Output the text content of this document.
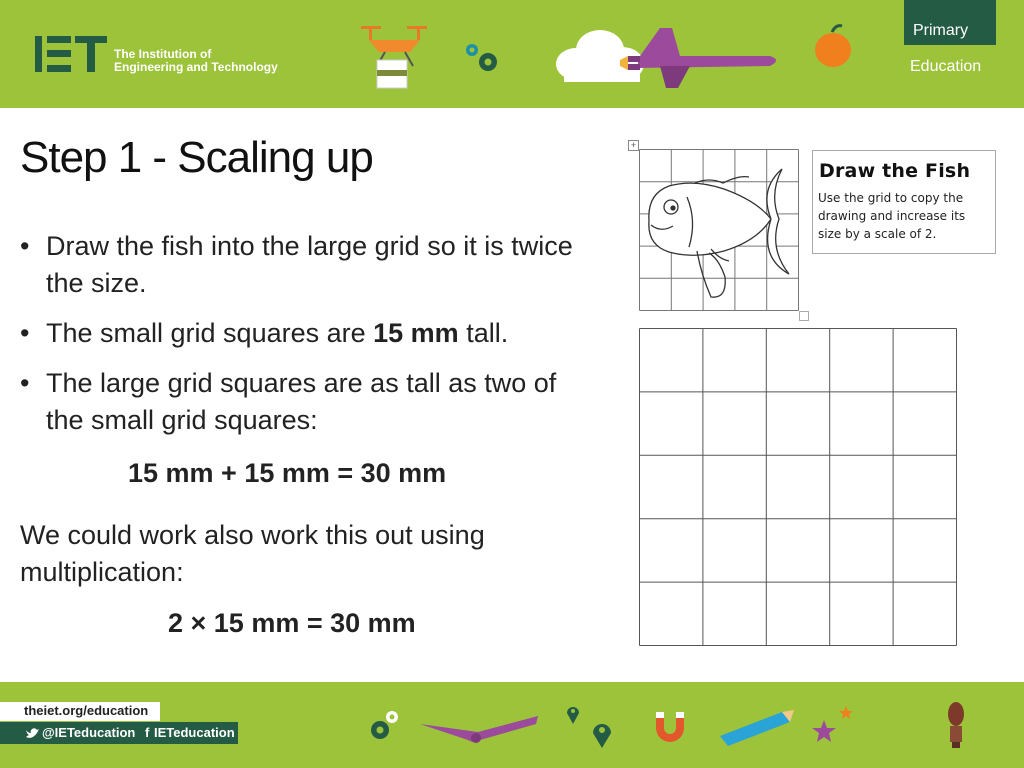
The Institution of
Engineering and Technology
Primary
Education
Step 1 - Scaling up
• Draw the fish into the large grid so it is twice the size.
• The small grid squares are 15 mm tall.
• The large grid squares are as tall as two of the small grid squares:
15 mm + 15 mm = 30 mm
We could work also work this out using multiplication:
2 × 15 mm = 30 mm
+

Draw the Fish

Use the grid to copy the drawing and increase its size by a scale of 2.

theiet.org/education
@IETeducation f IETeducation
